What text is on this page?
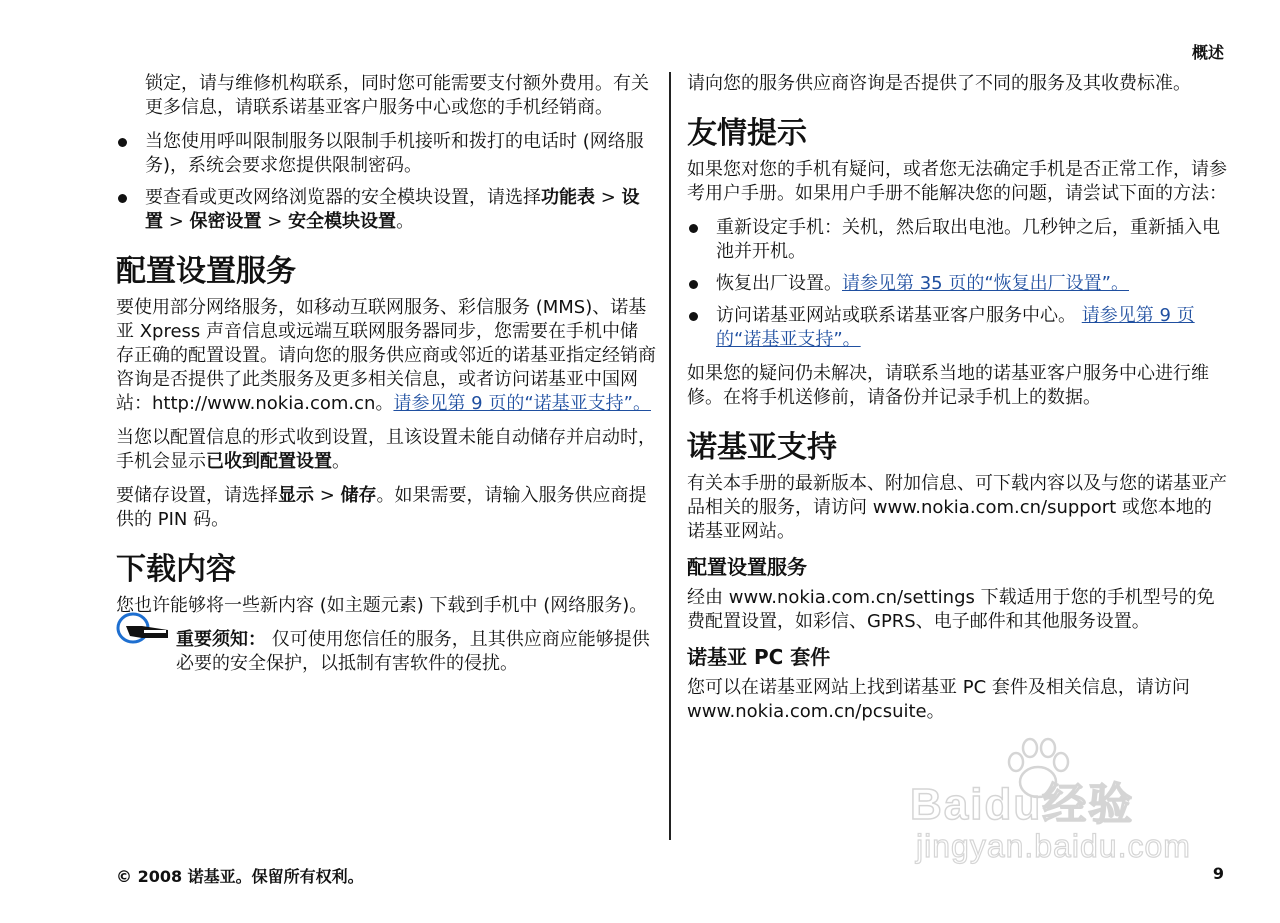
概述

锁定，请与维修机构联系，同时您可能需要支付额外费用。有关更多信息，请联系诺基亚客户服务中心或您的手机经销商。

当您使用呼叫限制服务以限制手机接听和拨打的电话时 (网络服务)，系统会要求您提供限制密码。
要查看或更改网络浏览器的安全模块设置，请选择功能表 > 设置 > 保密设置 > 安全模块设置。
配置设置服务

要使用部分网络服务，如移动互联网服务、彩信服务 (MMS)、诺基亚 Xpress 声音信息或远端互联网服务器同步，您需要在手机中储存正确的配置设置。请向您的服务供应商或邻近的诺基亚指定经销商咨询是否提供了此类服务及更多相关信息，或者访问诺基亚中国网站：http://www.nokia.com.cn。请参见第 9 页的“诺基亚支持”。

当您以配置信息的形式收到设置，且该设置未能自动储存并启动时，手机会显示已收到配置设置。

要储存设置，请选择显示 > 储存。如果需要，请输入服务供应商提供的 PIN 码。

下载内容

您也许能够将一些新内容 (如主题元素) 下载到手机中 (网络服务)。

重要须知： 仅可使用您信任的服务，且其供应商应能够提供必要的安全保护，以抵制有害软件的侵扰。

请向您的服务供应商咨询是否提供了不同的服务及其收费标准。

友情提示

如果您对您的手机有疑问，或者您无法确定手机是否正常工作，请参考用户手册。如果用户手册不能解决您的问题，请尝试下面的方法：

重新设定手机：关机，然后取出电池。几秒钟之后，重新插入电池并开机。
恢复出厂设置。请参见第 35 页的“恢复出厂设置”。
访问诺基亚网站或联系诺基亚客户服务中心。 请参见第 9 页的“诺基亚支持”。

如果您的疑问仍未解决，请联系当地的诺基亚客户服务中心进行维修。在将手机送修前，请备份并记录手机上的数据。

诺基亚支持

有关本手册的最新版本、附加信息、可下载内容以及与您的诺基亚产品相关的服务，请访问 www.nokia.com.cn/support 或您本地的诺基亚网站。

配置设置服务

经由 www.nokia.com.cn/settings 下载适用于您的手机型号的免费配置设置，如彩信、GPRS、电子邮件和其他服务设置。

诺基亚 PC 套件

您可以在诺基亚网站上找到诺基亚 PC 套件及相关信息，请访问 www.nokia.com.cn/pcsuite。

© 2008 诺基亚。保留所有权利。	9
Baidu经验
jingyan.baidu.com
